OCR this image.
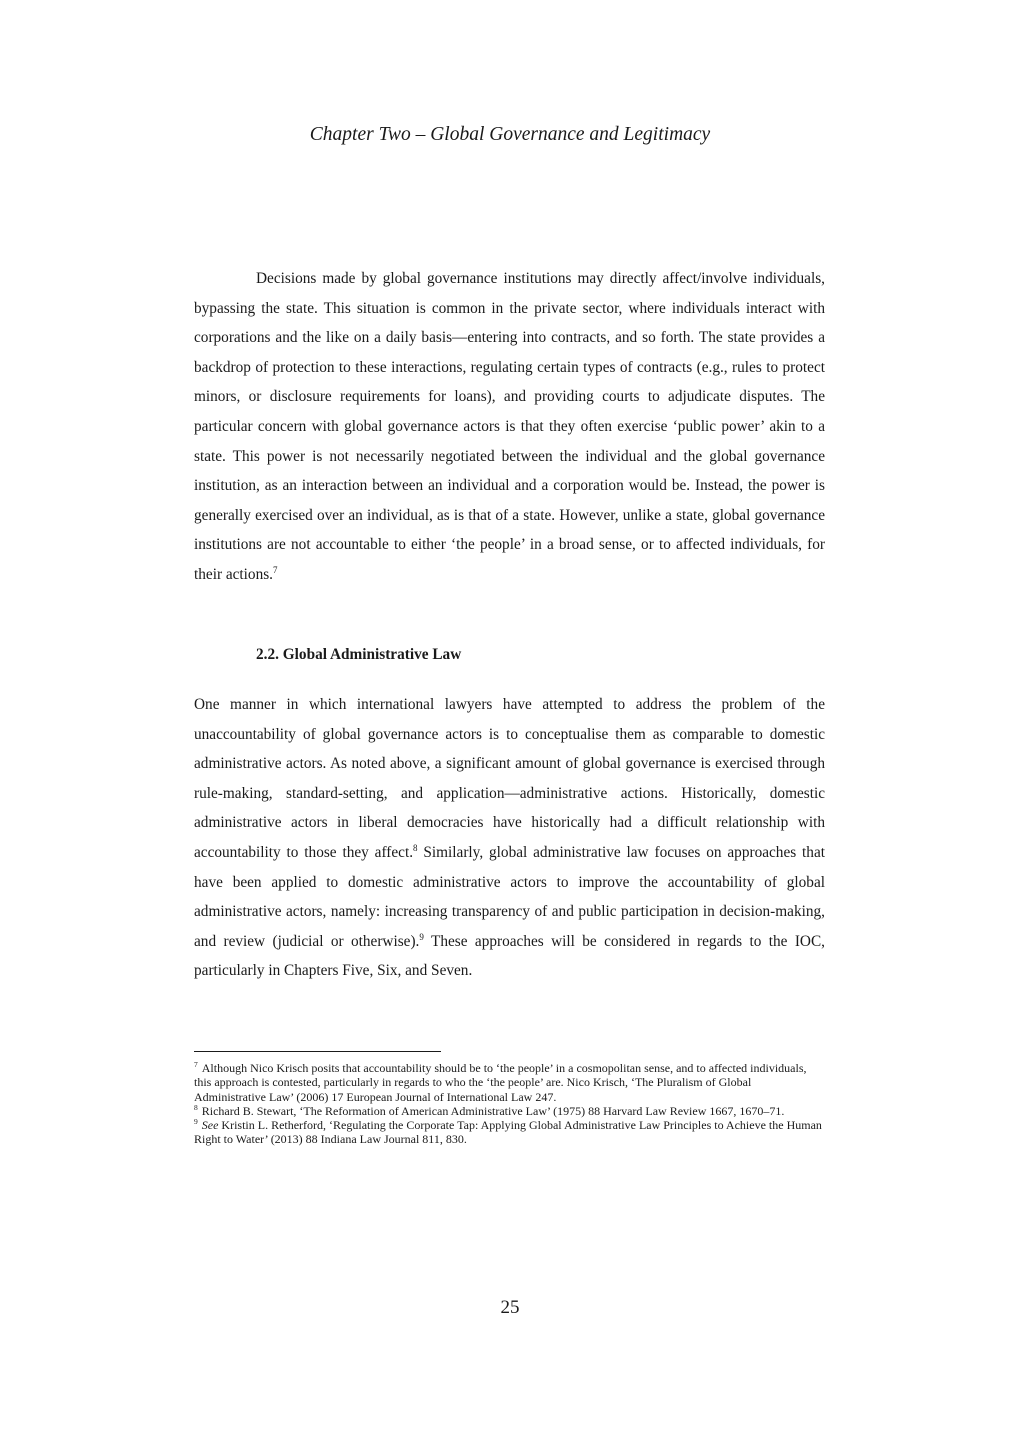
Chapter Two – Global Governance and Legitimacy
Decisions made by global governance institutions may directly affect/involve individuals, bypassing the state. This situation is common in the private sector, where individuals interact with corporations and the like on a daily basis—entering into contracts, and so forth. The state provides a backdrop of protection to these interactions, regulating certain types of contracts (e.g., rules to protect minors, or disclosure requirements for loans), and providing courts to adjudicate disputes. The particular concern with global governance actors is that they often exercise ‘public power’ akin to a state. This power is not necessarily negotiated between the individual and the global governance institution, as an interaction between an individual and a corporation would be. Instead, the power is generally exercised over an individual, as is that of a state. However, unlike a state, global governance institutions are not accountable to either ‘the people’ in a broad sense, or to affected individuals, for their actions.$^7$
2.2. Global Administrative Law
One manner in which international lawyers have attempted to address the problem of the unaccountability of global governance actors is to conceptualise them as comparable to domestic administrative actors. As noted above, a significant amount of global governance is exercised through rule-making, standard-setting, and application—administrative actions. Historically, domestic administrative actors in liberal democracies have historically had a difficult relationship with accountability to those they affect.$^8$ Similarly, global administrative law focuses on approaches that have been applied to domestic administrative actors to improve the accountability of global administrative actors, namely: increasing transparency of and public participation in decision-making, and review (judicial or otherwise).$^9$ These approaches will be considered in regards to the IOC, particularly in Chapters Five, Six, and Seven.

$^7$ Although Nico Krisch posits that accountability should be to ‘the people’ in a cosmopolitan sense, and to affected individuals, this approach is contested, particularly in regards to who the ‘the people’ are. Nico Krisch, ‘The Pluralism of Global Administrative Law’ (2006) 17 European Journal of International Law 247.

$^8$ Richard B. Stewart, ‘The Reformation of American Administrative Law’ (1975) 88 Harvard Law Review 1667, 1670–71.

$^9$ See Kristin L. Retherford, ‘Regulating the Corporate Tap: Applying Global Administrative Law Principles to Achieve the Human Right to Water’ (2013) 88 Indiana Law Journal 811, 830.

25
